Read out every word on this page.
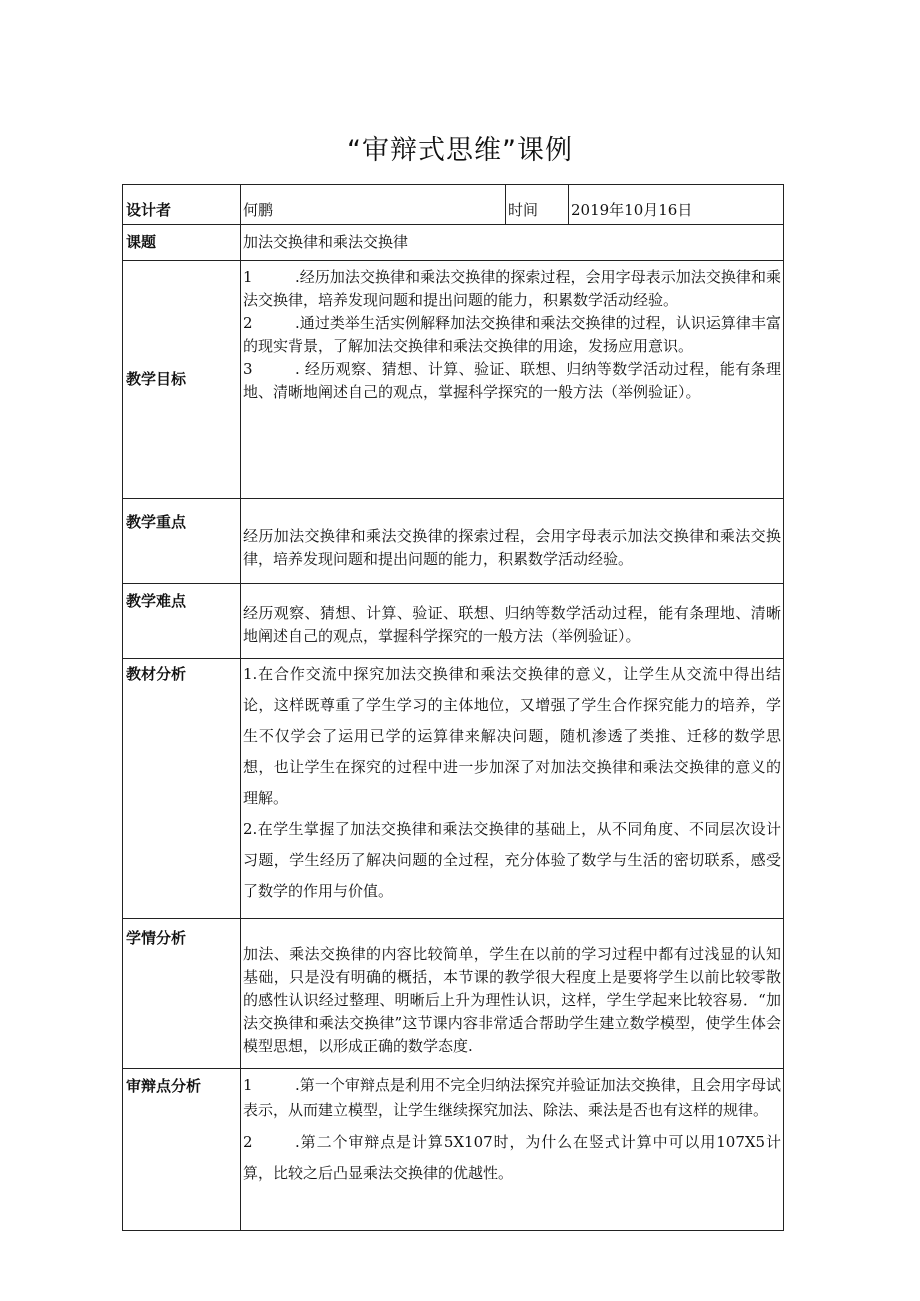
“审辩式思维”课例
设计者	何鹏	时间	2019年10月16日
课题	加法交换律和乘法交换律		
教学目标	1 .经历加法交换律和乘法交换律的探索过程，会用字母表示加法交换律和乘法交换律，培养发现问题和提出问题的能力，积累数学活动经验。

2 .通过类举生活实例解释加法交换律和乘法交换律的过程，认识运算律丰富的现实背景，了解加法交换律和乘法交换律的用途，发扬应用意识。

3 . 经历观察、猜想、计算、验证、联想、归纳等数学活动过程，能有条理地、清晰地阐述自己的观点，掌握科学探究的一般方法（举例验证）。		

教学重点	经历加法交换律和乘法交换律的探索过程，会用字母表示加法交换律和乘法交换律，培养发现问题和提出问题的能力，积累数学活动经验。		

教学难点	经历观察、猜想、计算、验证、联想、归纳等数学活动过程，能有条理地、清晰地阐述自己的观点，掌握科学探究的一般方法（举例验证）。		

教材分析	1.在合作交流中探究加法交换律和乘法交换律的意义，让学生从交流中得出结论，这样既尊重了学生学习的主体地位，又增强了学生合作探究能力的培养，学生不仅学会了运用已学的运算律来解决问题，随机渗透了类推、迁移的数学思想，也让学生在探究的过程中进一步加深了对加法交换律和乘法交换律的意义的理解。

2.在学生掌握了加法交换律和乘法交换律的基础上，从不同角度、不同层次设计习题，学生经历了解决问题的全过程，充分体验了数学与生活的密切联系，感受了数学的作用与价值。		

学情分析	加法、乘法交换律的内容比较简单，学生在以前的学习过程中都有过浅显的认知基础，只是没有明确的概括，本节课的教学很大程度上是要将学生以前比较零散的感性认识经过整理、明晰后上升为理性认识，这样，学生学起来比较容易．“加法交换律和乘法交换律”这节课内容非常适合帮助学生建立数学模型，使学生体会模型思想，以形成正确的数学态度.		

审辩点分析	1 .第一个审辩点是利用不完全归纳法探究并验证加法交换律，且会用字母试表示，从而建立模型，让学生继续探究加法、除法、乘法是否也有这样的规律。

2 .第二个审辩点是计算5X107时，为什么在竖式计算中可以用107X5计算，比较之后凸显乘法交换律的优越性。		
